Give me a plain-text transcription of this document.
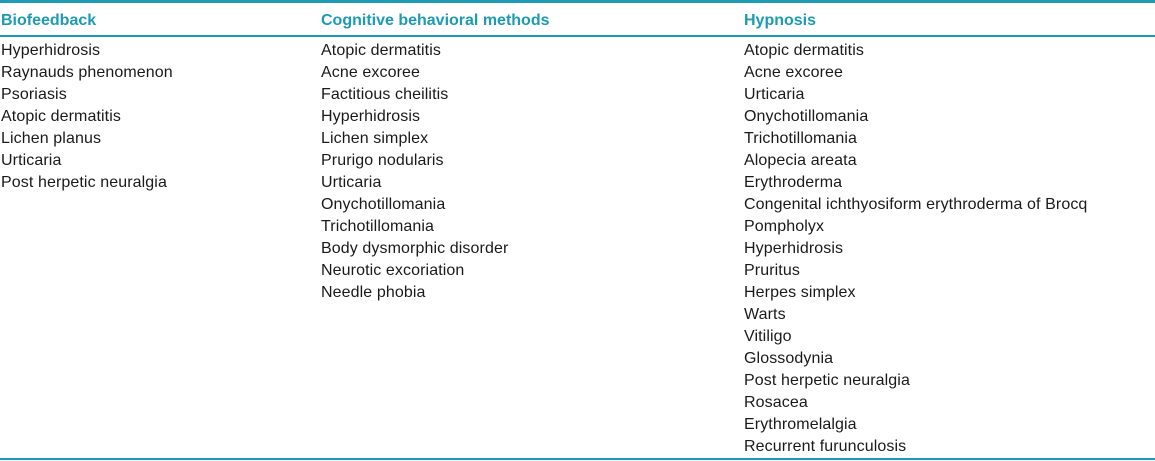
Biofeedback	Cognitive behavioral methods	Hypnosis
Hyperhidrosis
Raynauds phenomenon
Psoriasis
Atopic dermatitis
Lichen planus
Urticaria
Post herpetic neuralgia
Atopic dermatitis
Acne excoree
Factitious cheilitis
Hyperhidrosis
Lichen simplex
Prurigo nodularis
Urticaria
Onychotillomania
Trichotillomania
Body dysmorphic disorder
Neurotic excoriation
Needle phobia
Atopic dermatitis
Acne excoree
Urticaria
Onychotillomania
Trichotillomania
Alopecia areata
Erythroderma
Congenital ichthyosiform erythroderma of Brocq
Pompholyx
Hyperhidrosis
Pruritus
Herpes simplex
Warts
Vitiligo
Glossodynia
Post herpetic neuralgia
Rosacea
Erythromelalgia
Recurrent furunculosis
